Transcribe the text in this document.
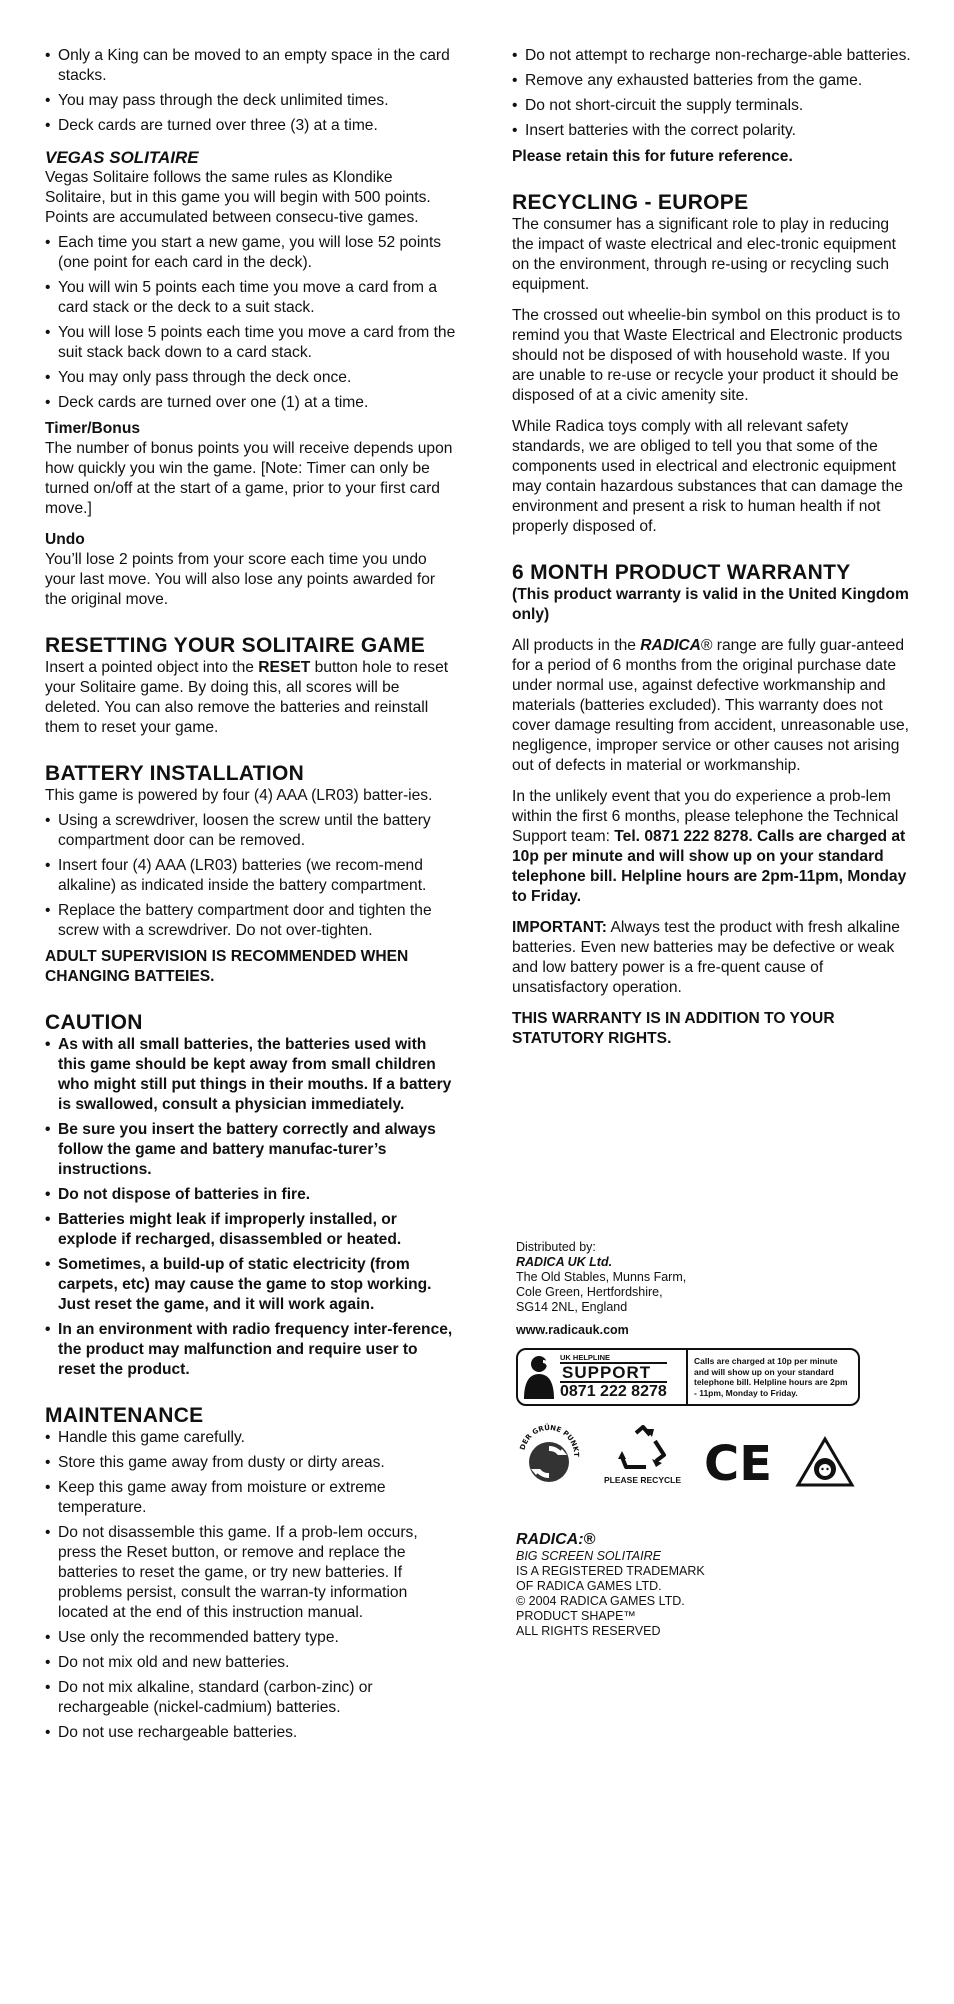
• Only a King can be moved to an empty space in the card stacks.
• You may pass through the deck unlimited times.
• Deck cards are turned over three (3) at a time.
VEGAS SOLITAIRE

Vegas Solitaire follows the same rules as Klondike Solitaire, but in this game you will begin with 500 points. Points are accumulated between consecu-tive games.

• Each time you start a new game, you will lose 52 points (one point for each card in the deck).
• You will win 5 points each time you move a card from a card stack or the deck to a suit stack.
• You will lose 5 points each time you move a card from the suit stack back down to a card stack.
• You may only pass through the deck once.
• Deck cards are turned over one (1) at a time.
Timer/Bonus

The number of bonus points you will receive depends upon how quickly you win the game. [Note: Timer can only be turned on/off at the start of a game, prior to your first card move.]

Undo

You’ll lose 2 points from your score each time you undo your last move. You will also lose any points awarded for the original move.

RESETTING YOUR SOLITAIRE GAME

Insert a pointed object into the RESET button hole to reset your Solitaire game. By doing this, all scores will be deleted. You can also remove the batteries and reinstall them to reset your game.

BATTERY INSTALLATION

This game is powered by four (4) AAA (LR03) batter-ies.

• Using a screwdriver, loosen the screw until the battery compartment door can be removed.
• Insert four (4) AAA (LR03) batteries (we recom-mend alkaline) as indicated inside the battery compartment.
• Replace the battery compartment door and tighten the screw with a screwdriver. Do not over-tighten.

ADULT SUPERVISION IS RECOMMENDED WHEN CHANGING BATTEIES.

CAUTION
• As with all small batteries, the batteries used with this game should be kept away from small children who might still put things in their mouths. If a battery is swallowed, consult a physician immediately.
• Be sure you insert the battery correctly and always follow the game and battery manufac-turer’s instructions.
• Do not dispose of batteries in fire.
• Batteries might leak if improperly installed, or explode if recharged, disassembled or heated.
• Sometimes, a build-up of static electricity (from carpets, etc) may cause the game to stop working. Just reset the game, and it will work again.
• In an environment with radio frequency inter-ference, the product may malfunction and require user to reset the product.
MAINTENANCE
• Handle this game carefully.
• Store this game away from dusty or dirty areas.
• Keep this game away from moisture or extreme temperature.
• Do not disassemble this game. If a prob-lem occurs, press the Reset button, or remove and replace the batteries to reset the game, or try new batteries. If problems persist, consult the warran-ty information located at the end of this instruction manual.
• Use only the recommended battery type.
• Do not mix old and new batteries.
• Do not mix alkaline, standard (carbon-zinc) or rechargeable (nickel-cadmium) batteries.
• Do not use rechargeable batteries.
• Do not attempt to recharge non-recharge-able batteries.
• Remove any exhausted batteries from the game.
• Do not short-circuit the supply terminals.
• Insert batteries with the correct polarity.

Please retain this for future reference.

RECYCLING - EUROPE

The consumer has a significant role to play in reducing the impact of waste electrical and elec-tronic equipment on the environment, through re-using or recycling such equipment.

The crossed out wheelie-bin symbol on this product is to remind you that Waste Electrical and Electronic products should not be disposed of with household waste. If you are unable to re-use or recycle your product it should be disposed of at a civic amenity site.

While Radica toys comply with all relevant safety standards, we are obliged to tell you that some of the components used in electrical and electronic equipment may contain hazardous substances that can damage the environment and present a risk to human health if not properly disposed of.

6 MONTH PRODUCT WARRANTY

(This product warranty is valid in the United Kingdom only)

All products in the RADICA® range are fully guar-anteed for a period of 6 months from the original purchase date under normal use, against defective workmanship and materials (batteries excluded). This warranty does not cover damage resulting from accident, unreasonable use, negligence, improper service or other causes not arising out of defects in material or workmanship.

In the unlikely event that you do experience a prob-lem within the first 6 months, please telephone the Technical Support team: Tel. 0871 222 8278. Calls are charged at 10p per minute and will show up on your standard telephone bill. Helpline hours are 2pm-11pm, Monday to Friday.

IMPORTANT: Always test the product with fresh alkaline batteries. Even new batteries may be defective or weak and low battery power is a fre-quent cause of unsatisfactory operation.

THIS WARRANTY IS IN ADDITION TO YOUR STATUTORY RIGHTS.

Distributed by:
RADICA UK Ltd.
The Old Stables, Munns Farm,
Cole Green, Hertfordshire,
SG14 2NL, England
www.radicauk.com
UK HELPLINE
SUPPORT
0871 222 8278
Calls are charged at 10p per minute and will show up on your standard telephone bill. Helpline hours are 2pm - 11pm, Monday to Friday.
DER GRÜNE PUNKT
PLEASE RECYCLE CE
RADICA:®
BIG SCREEN SOLITAIRE
IS A REGISTERED TRADEMARK
OF RADICA GAMES LTD.
© 2004 RADICA GAMES LTD.
PRODUCT SHAPE™
ALL RIGHTS RESERVED
